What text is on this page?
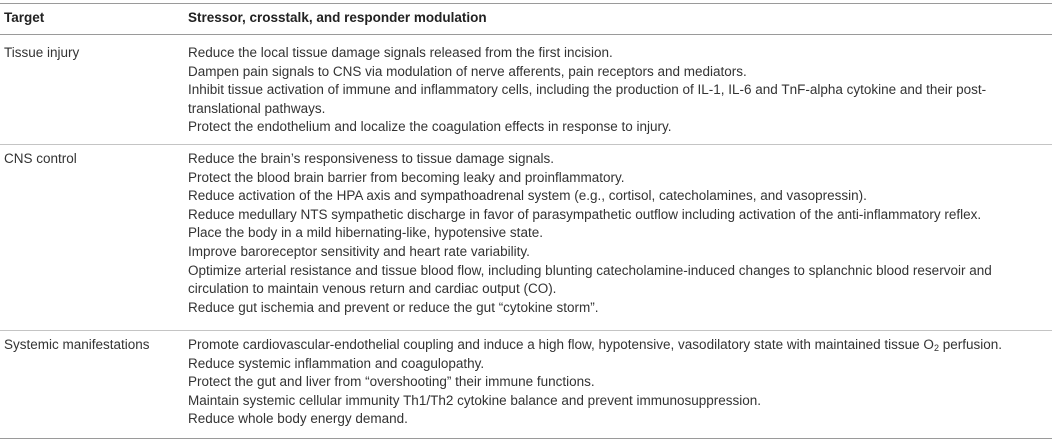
Target	Stressor, crosstalk, and responder modulation
Tissue injury	Reduce the local tissue damage signals released from the first incision.
Dampen pain signals to CNS via modulation of nerve afferents, pain receptors and mediators.
Inhibit tissue activation of immune and inflammatory cells, including the production of IL-1, IL-6 and TnF-alpha cytokine and their post-
translational pathways.
Protect the endothelium and localize the coagulation effects in response to injury.
CNS control	Reduce the brain’s responsiveness to tissue damage signals.
Protect the blood brain barrier from becoming leaky and proinflammatory.
Reduce activation of the HPA axis and sympathoadrenal system (e.g., cortisol, catecholamines, and vasopressin).
Reduce medullary NTS sympathetic discharge in favor of parasympathetic outflow including activation of the anti-inflammatory reflex.
Place the body in a mild hibernating-like, hypotensive state.
Improve baroreceptor sensitivity and heart rate variability.
Optimize arterial resistance and tissue blood flow, including blunting catecholamine-induced changes to splanchnic blood reservoir and
circulation to maintain venous return and cardiac output (CO).
Reduce gut ischemia and prevent or reduce the gut “cytokine storm”.
Systemic manifestations	Promote cardiovascular-endothelial coupling and induce a high flow, hypotensive, vasodilatory state with maintained tissue $O_2$ perfusion.
Reduce systemic inflammation and coagulopathy.
Protect the gut and liver from “overshooting” their immune functions.
Maintain systemic cellular immunity Th1/Th2 cytokine balance and prevent immunosuppression.
Reduce whole body energy demand.
